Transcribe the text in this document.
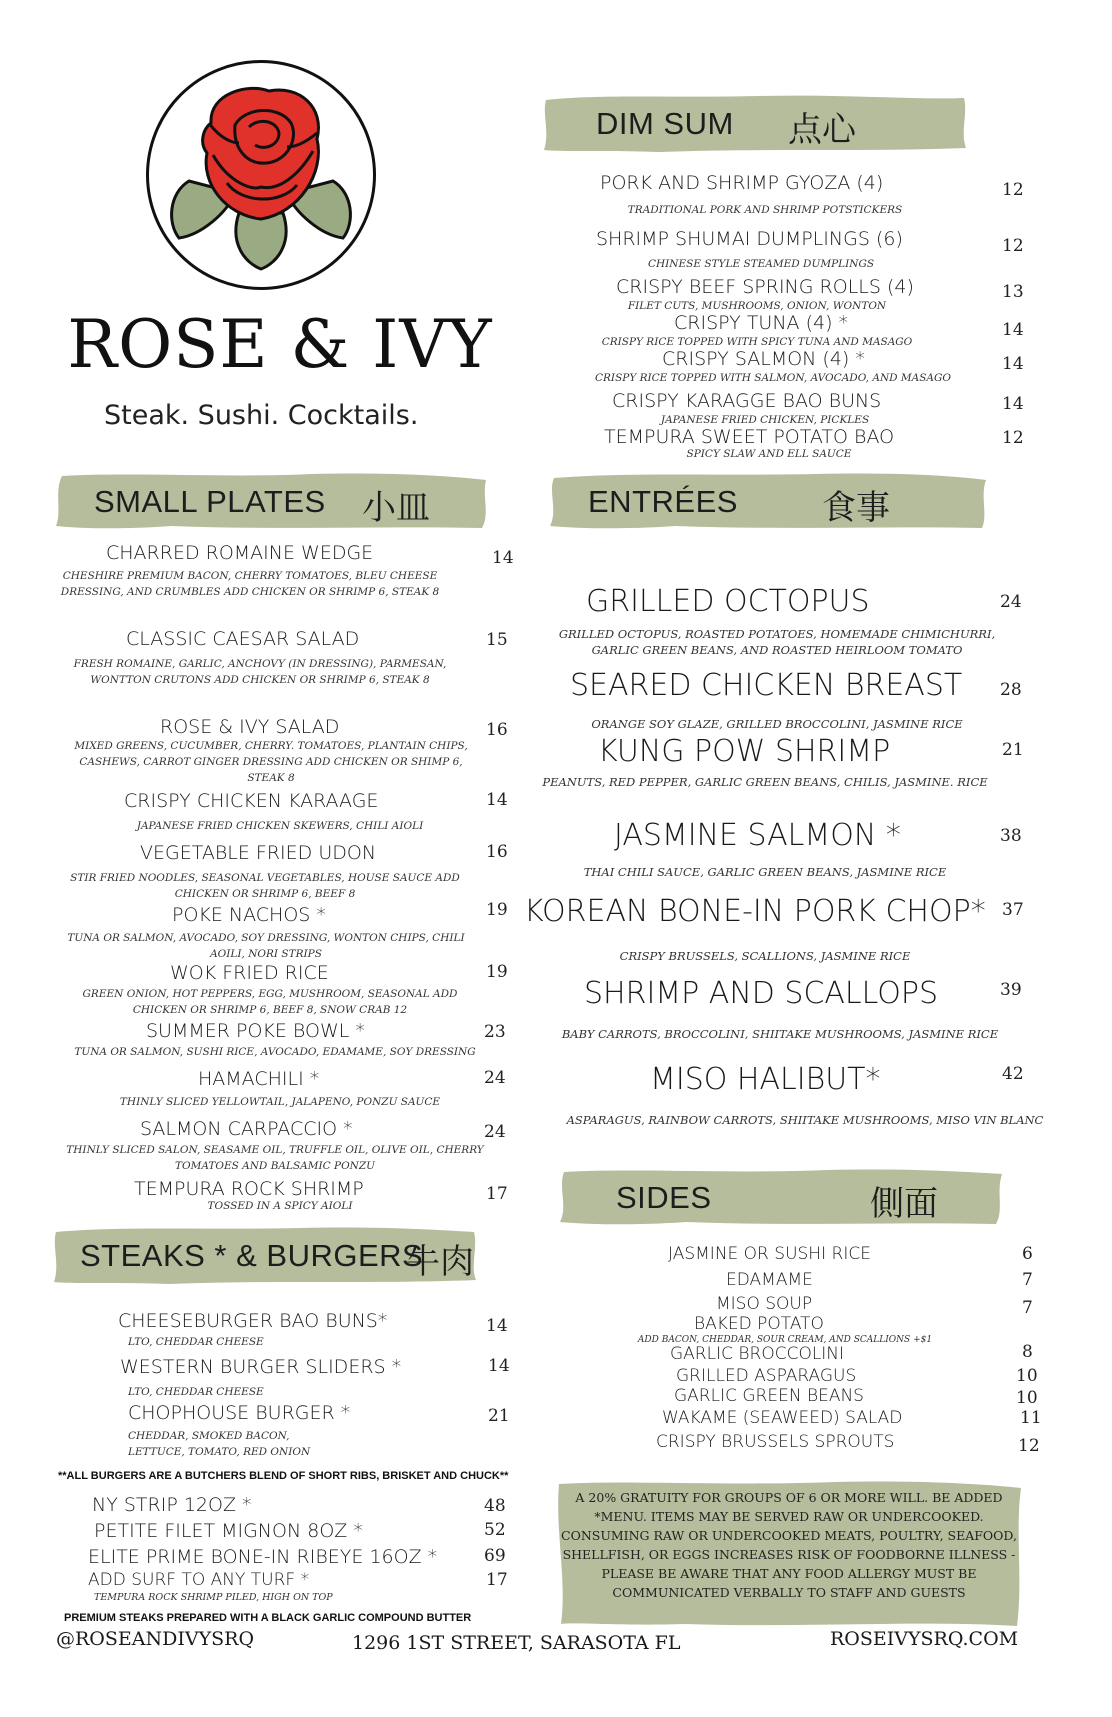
ROSE & IVY
Steak. Sushi. Cocktails.
DIM SUM 点心
SMALL PLATES 小皿	ENTRÉES 食事
STEAKS * & BURGERS
牛肉
SIDES	側面
PORK AND SHRIMP GYOZA (4)
TRADITIONAL PORK AND SHRIMP POTSTICKERS
12
SHRIMP SHUMAI DUMPLINGS (6)
CHINESE STYLE STEAMED DUMPLINGS
12
CRISPY BEEF SPRING ROLLS (4)
FILET CUTS, MUSHROOMS, ONION, WONTON
13
CRISPY TUNA (4) *
CRISPY RICE TOPPED WITH SPICY TUNA AND MASAGO
14
CRISPY SALMON (4) *
CRISPY RICE TOPPED WITH SALMON, AVOCADO, AND MASAGO
14
CRISPY KARAGGE BAO BUNS
JAPANESE FRIED CHICKEN, PICKLES
14
TEMPURA SWEET POTATO BAO
SPICY SLAW AND ELL SAUCE
12
CHARRED ROMAINE WEDGE
CHESHIRE PREMIUM BACON, CHERRY TOMATOES, BLEU CHEESE DRESSING, AND CRUMBLES ADD CHICKEN OR SHRIMP 6, STEAK 8
14
CLASSIC CAESAR SALAD
FRESH ROMAINE, GARLIC, ANCHOVY (IN DRESSING), PARMESAN, WONTTON CRUTONS ADD CHICKEN OR SHRIMP 6, STEAK 8
15
ROSE & IVY SALAD
MIXED GREENS, CUCUMBER, CHERRY. TOMATOES, PLANTAIN CHIPS, CASHEWS, CARROT GINGER DRESSING ADD CHICKEN OR SHIMP 6, STEAK 8
16
CRISPY CHICKEN KARAAGE
JAPANESE FRIED CHICKEN SKEWERS, CHILI AIOLI
14
VEGETABLE FRIED UDON
STIR FRIED NOODLES, SEASONAL VEGETABLES, HOUSE SAUCE ADD CHICKEN OR SHRIMP 6, BEEF 8
16
POKE NACHOS *
TUNA OR SALMON, AVOCADO, SOY DRESSING, WONTON CHIPS, CHILI AOILI, NORI STRIPS
19
WOK FRIED RICE
GREEN ONION, HOT PEPPERS, EGG, MUSHROOM, SEASONAL ADD CHICKEN OR SHRIMP 6, BEEF 8, SNOW CRAB 12
19
SUMMER POKE BOWL *
TUNA OR SALMON, SUSHI RICE, AVOCADO, EDAMAME, SOY DRESSING
23
HAMACHILI *
THINLY SLICED YELLOWTAIL, JALAPENO, PONZU SAUCE
24
SALMON CARPACCIO *
THINLY SLICED SALON, SEASAME OIL, TRUFFLE OIL, OLIVE OIL, CHERRY TOMATOES AND BALSAMIC PONZU
24
TEMPURA ROCK SHRIMP
TOSSED IN A SPICY AIOLI
17
GRILLED OCTOPUS
GRILLED OCTOPUS, ROASTED POTATOES, HOMEMADE CHIMICHURRI, GARLIC GREEN BEANS, AND ROASTED HEIRLOOM TOMATO
24
SEARED CHICKEN BREAST
ORANGE SOY GLAZE, GRILLED BROCCOLINI, JASMINE RICE
28
KUNG POW SHRIMP
PEANUTS, RED PEPPER, GARLIC GREEN BEANS, CHILIS, JASMINE. RICE
21
JASMINE SALMON *
THAI CHILI SAUCE, GARLIC GREEN BEANS, JASMINE RICE
38
KOREAN BONE-IN PORK CHOP*
CRISPY BRUSSELS, SCALLIONS, JASMINE RICE
37
SHRIMP AND SCALLOPS
BABY CARROTS, BROCCOLINI, SHIITAKE MUSHROOMS, JASMINE RICE
39
MISO HALIBUT*
ASPARAGUS, RAINBOW CARROTS, SHIITAKE MUSHROOMS, MISO VIN BLANC
42
CHEESEBURGER BAO BUNS*
LTO, CHEDDAR CHEESE
14
WESTERN BURGER SLIDERS *
LTO, CHEDDAR CHEESE
14
CHOPHOUSE BURGER *
CHEDDAR, SMOKED BACON, LETTUCE, TOMATO, RED ONION
21
**ALL BURGERS ARE A BUTCHERS BLEND OF SHORT RIBS, BRISKET AND CHUCK**
NY STRIP 12OZ *	48
PETITE FILET MIGNON 8OZ *	52
ELITE PRIME BONE-IN RIBEYE 16OZ *	69
ADD SURF TO ANY TURF *
TEMPURA ROCK SHRIMP PILED, HIGH ON TOP
17
PREMIUM STEAKS PREPARED WITH A BLACK GARLIC COMPOUND BUTTER
JASMINE OR SUSHI RICE	6
EDAMAME	7
MISO SOUP	7
BAKED POTATO
ADD BACON, CHEDDAR, SOUR CREAM, AND SCALLIONS +$1
GARLIC BROCCOLINI	8
GRILLED ASPARAGUS	10
GARLIC GREEN BEANS	10
WAKAME (SEAWEED) SALAD	11
CRISPY BRUSSELS SPROUTS	12
A 20% GRATUITY FOR GROUPS OF 6 OR MORE WILL. BE ADDED *MENU. ITEMS MAY BE SERVED RAW OR UNDERCOOKED. CONSUMING RAW OR UNDERCOOKED MEATS, POULTRY, SEAFOOD, SHELLFISH, OR EGGS INCREASES RISK OF FOODBORNE ILLNESS - PLEASE BE AWARE THAT ANY FOOD ALLERGY MUST BE COMMUNICATED VERBALLY TO STAFF AND GUESTS
@ROSEANDIVYSRQ	1296 1ST STREET, SARASOTA FL	ROSEIVYSRQ.COM
